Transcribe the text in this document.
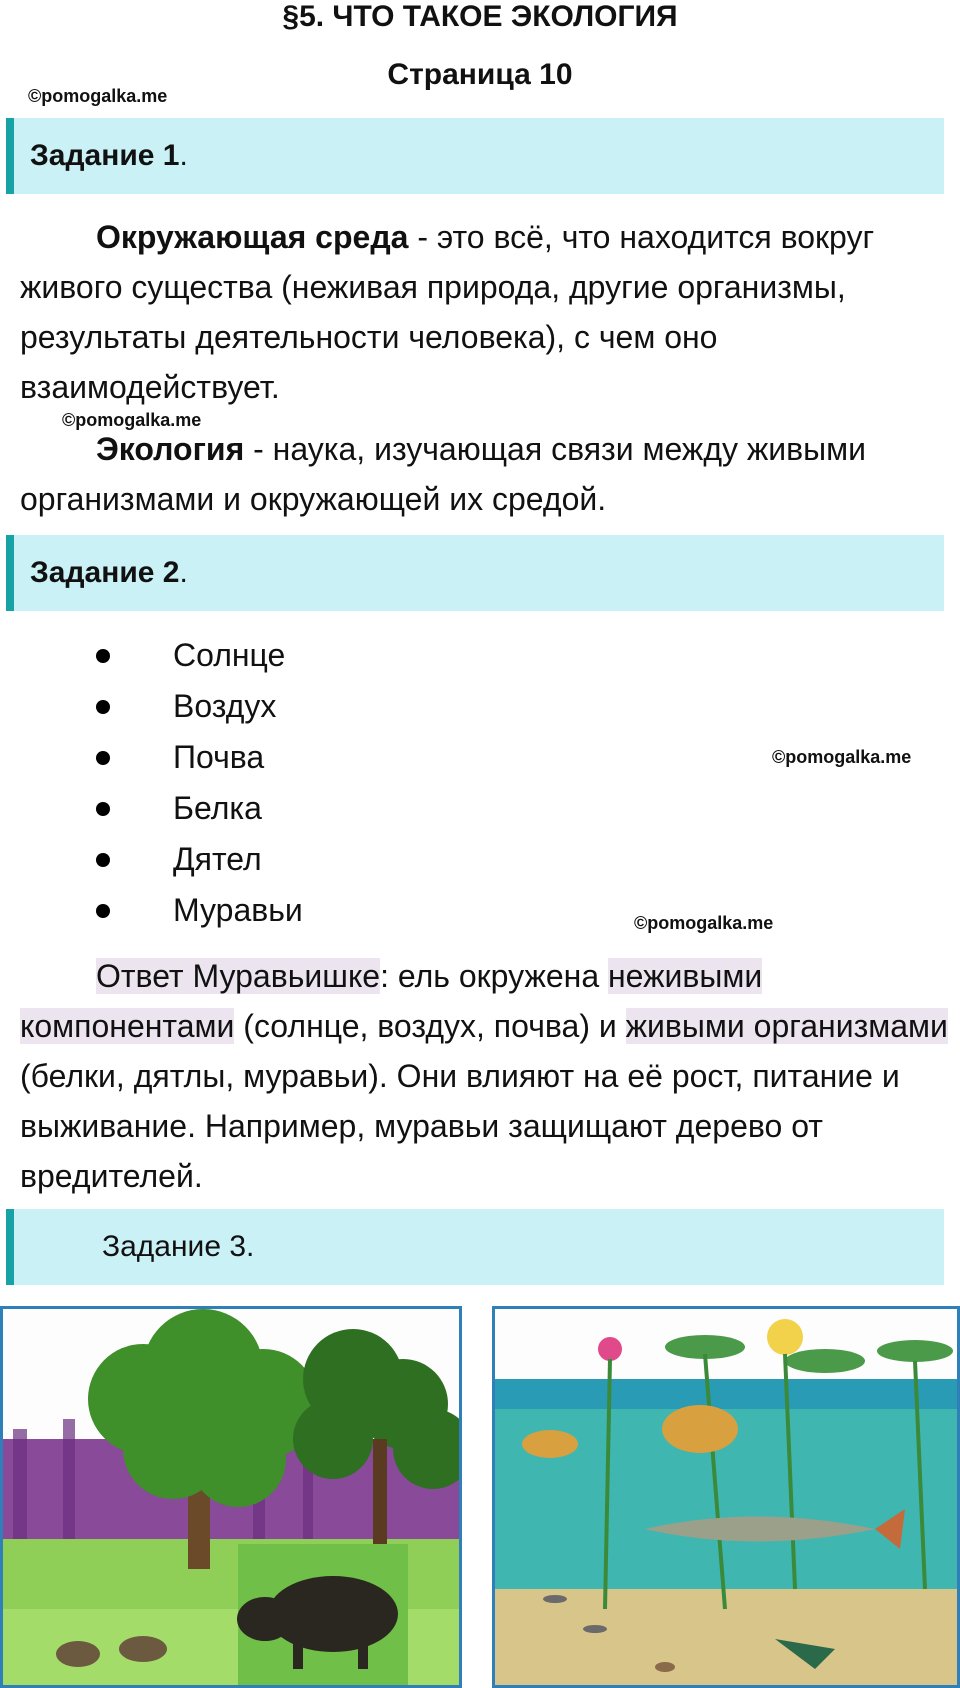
§5. ЧТО ТАКОЕ ЭКОЛОГИЯ
Страница 10
©pomogalka.me
Задание 1 .
Окружающая среда - это всё, что находится вокруг живого существа (неживая природа, другие организмы, результаты деятельности человека), с чем оно взаимодействует.
©pomogalka.me
Экология - наука, изучающая связи между живыми организмами и окружающей их средой.
Задание 2 .
Солнце
Воздух
Почва
Белка
Дятел
Муравьи
©pomogalka.me
©pomogalka.me
Ответ Муравьишке: ель окружена неживыми компонентами (солнце, воздух, почва) и живыми организмами (белки, дятлы, муравьи). Они влияют на её рост, питание и выживание. Например, муравьи защищают дерево от вредителей.
Задание 3.
